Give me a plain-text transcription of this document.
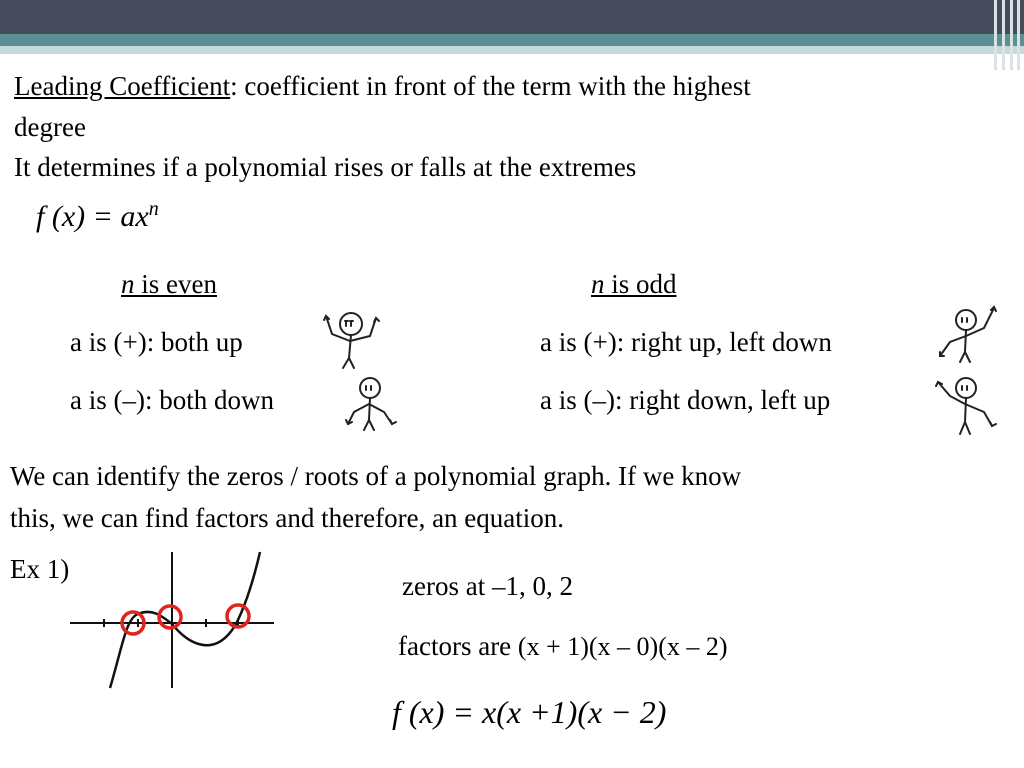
Leading Coefficient: coefficient in front of the term with the highest
degree
It determines if a polynomial rises or falls at the extremes
f $(x) = ax^n$
n is even
a is (+): both up
a is (–): both down
n is odd
a is (+): right up, left down
a is (–): right down, left up
We can identify the zeros / roots of a polynomial graph. If we know
this, we can find factors and therefore, an equation.
Ex 1)
zeros at –1, 0, 2
factors are (x + 1)(x – 0)(x – 2)
f (x) = x(x +1)(x − 2)
